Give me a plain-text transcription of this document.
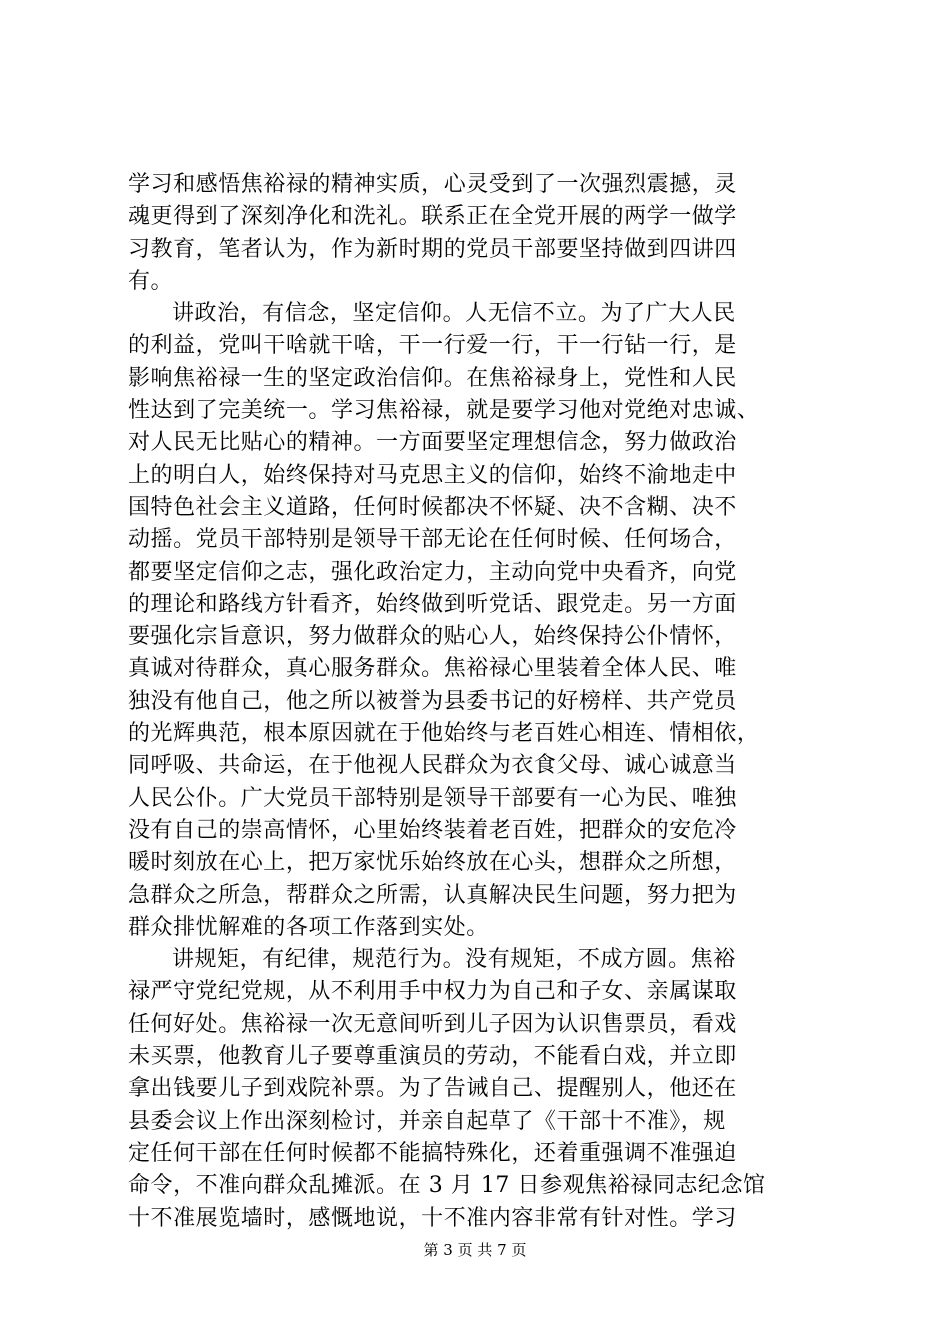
学习和感悟焦裕禄的精神实质，心灵受到了一次强烈震撼，灵
魂更得到了深刻净化和洗礼。联系正在全党开展的两学一做学
习教育，笔者认为，作为新时期的党员干部要坚持做到四讲四
有。
讲政治，有信念，坚定信仰。人无信不立。为了广大人民
的利益，党叫干啥就干啥，干一行爱一行，干一行钻一行，是
影响焦裕禄一生的坚定政治信仰。在焦裕禄身上，党性和人民
性达到了完美统一。学习焦裕禄，就是要学习他对党绝对忠诚、
对人民无比贴心的精神。一方面要坚定理想信念，努力做政治
上的明白人，始终保持对马克思主义的信仰，始终不渝地走中
国特色社会主义道路，任何时候都决不怀疑、决不含糊、决不
动摇。党员干部特别是领导干部无论在任何时候、任何场合，
都要坚定信仰之志，强化政治定力，主动向党中央看齐，向党
的理论和路线方针看齐，始终做到听党话、跟党走。另一方面
要强化宗旨意识，努力做群众的贴心人，始终保持公仆情怀，
真诚对待群众，真心服务群众。焦裕禄心里装着全体人民、唯
独没有他自己，他之所以被誉为县委书记的好榜样、共产党员
的光辉典范，根本原因就在于他始终与老百姓心相连、情相依，
同呼吸、共命运，在于他视人民群众为衣食父母、诚心诚意当
人民公仆。广大党员干部特别是领导干部要有一心为民、唯独
没有自己的崇高情怀，心里始终装着老百姓，把群众的安危冷
暖时刻放在心上，把万家忧乐始终放在心头，想群众之所想，
急群众之所急，帮群众之所需，认真解决民生问题，努力把为
群众排忧解难的各项工作落到实处。
讲规矩，有纪律，规范行为。没有规矩，不成方圆。焦裕
禄严守党纪党规，从不利用手中权力为自己和子女、亲属谋取
任何好处。焦裕禄一次无意间听到儿子因为认识售票员，看戏
未买票，他教育儿子要尊重演员的劳动，不能看白戏，并立即
拿出钱要儿子到戏院补票。为了告诫自己、提醒别人，他还在
县委会议上作出深刻检讨，并亲自起草了《干部十不准》，规
定任何干部在任何时候都不能搞特殊化，还着重强调不准强迫
命令，不准向群众乱摊派。在 3 月 17 日参观焦裕禄同志纪念馆
十不准展览墙时，感慨地说，十不准内容非常有针对性。学习
第 3 页 共 7 页
